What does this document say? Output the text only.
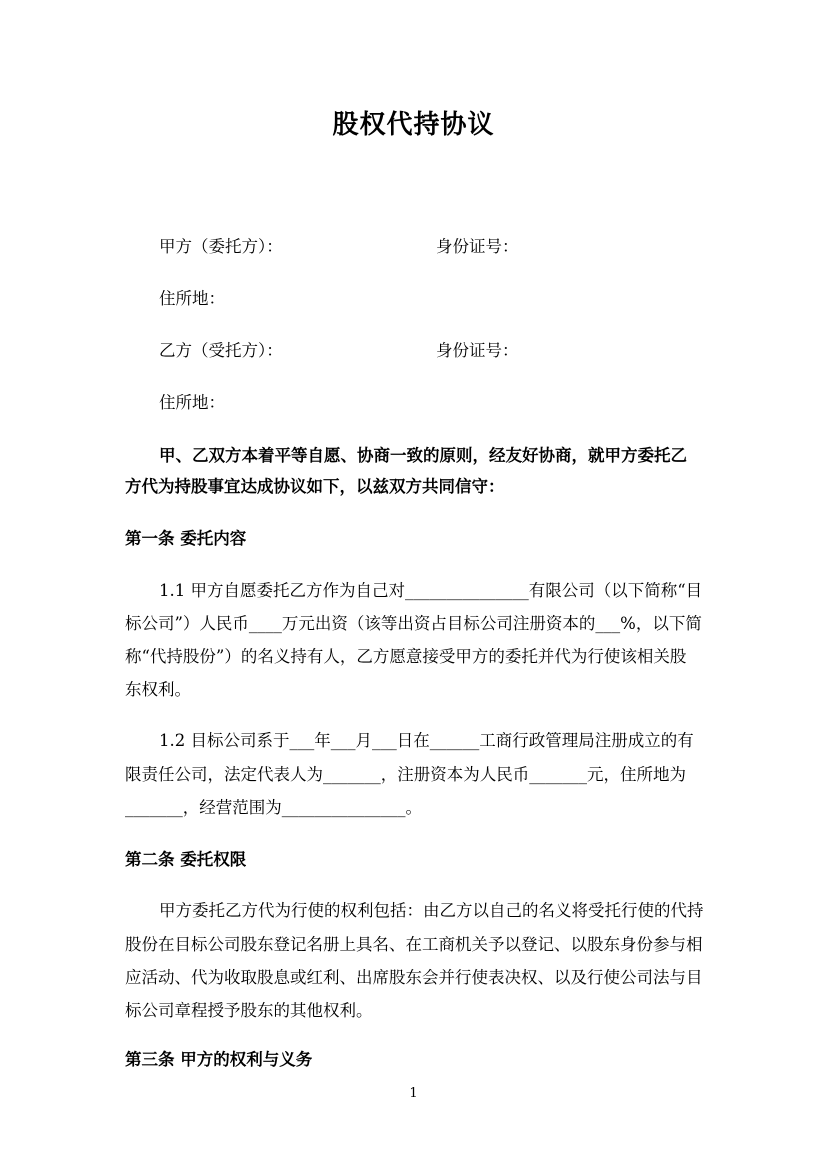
股权代持协议
甲方（委托方）：	身份证号：
住所地：
乙方（受托方）：	身份证号：
住所地：
甲、乙双方本着平等自愿、协商一致的原则，经友好协商，就甲方委托乙
方代为持股事宜达成协议如下，以兹双方共同信守：
第一条 委托内容
1.1 甲方自愿委托乙方作为自己对_______________有限公司（以下简称“目
标公司”）人民币____万元出资（该等出资占目标公司注册资本的___%，以下简
称“代持股份”）的名义持有人，乙方愿意接受甲方的委托并代为行使该相关股
东权利。
1.2 目标公司系于___年___月___日在______工商行政管理局注册成立的有
限责任公司，法定代表人为_______，注册资本为人民币_______元，住所地为
_______，经营范围为_______________。
第二条 委托权限
甲方委托乙方代为行使的权利包括：由乙方以自己的名义将受托行使的代持
股份在目标公司股东登记名册上具名、在工商机关予以登记、以股东身份参与相
应活动、代为收取股息或红利、出席股东会并行使表决权、以及行使公司法与目
标公司章程授予股东的其他权利。
第三条 甲方的权利与义务
1
